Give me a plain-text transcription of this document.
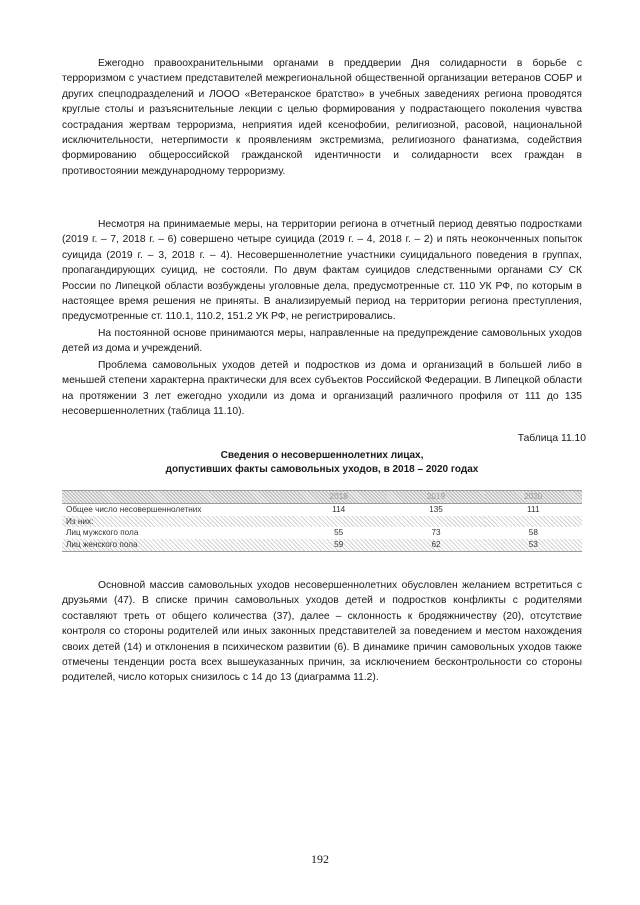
Ежегодно правоохранительными органами в преддверии Дня солидарности в борьбе с терроризмом с участием представителей межрегиональной общественной организации ветеранов СОБР и других спецподразделений и ЛООО «Ветеранское братство» в учебных заведениях региона проводятся круглые столы и разъяснительные лекции с целью формирования у подрастающего поколения чувства сострадания жертвам терроризма, неприятия идей ксенофобии, религиозной, расовой, национальной исключительности, нетерпимости к проявлениям экстремизма, религиозного фанатизма, содействия формированию общероссийской гражданской идентичности и солидарности всех граждан в противостоянии международному терроризму.

Несмотря на принимаемые меры, на территории региона в отчетный период девятью подростками (2019 г. – 7, 2018 г. – 6) совершено четыре суицида (2019 г. – 4, 2018 г. – 2) и пять неоконченных попыток суицида (2019 г. – 3, 2018 г. – 4). Несовершеннолетние участники суицидального поведения в группах, пропагандирующих суицид, не состояли. По двум фактам суицидов следственными органами СУ СК России по Липецкой области возбуждены уголовные дела, предусмотренные ст. 110 УК РФ, по которым в настоящее время решения не приняты. В анализируемый период на территории региона преступления, предусмотренные ст. 110.1, 110.2, 151.2 УК РФ, не регистрировались.

На постоянной основе принимаются меры, направленные на предупреждение самовольных уходов детей из дома и учреждений.

Проблема самовольных уходов детей и подростков из дома и организаций в большей либо в меньшей степени характерна практически для всех субъектов Российской Федерации. В Липецкой области на протяжении 3 лет ежегодно уходили из дома и организаций различного профиля от 111 до 135 несовершеннолетних (таблица 11.10).

Таблица 11.10

Сведения о несовершеннолетних лицах,
допустивших факты самовольных уходов, в 2018 – 2020 годах
	2018	2019	2020
Общее число несовершеннолетних	114	135	111
Из них:			
Лиц мужского пола	55	73	58
Лиц женского пола	59	62	53

Основной массив самовольных уходов несовершеннолетних обусловлен желанием встретиться с друзьями (47). В списке причин самовольных уходов детей и подростков конфликты с родителями составляют треть от общего количества (37), далее – склонность к бродяжничеству (20), отсутствие контроля со стороны родителей или иных законных представителей за поведением и местом нахождения своих детей (14) и отклонения в психическом развитии (6). В динамике причин самовольных уходов также отмечены тенденции роста всех вышеуказанных причин, за исключением бесконтрольности со стороны родителей, число которых снизилось с 14 до 13 (диаграмма 11.2).

192
